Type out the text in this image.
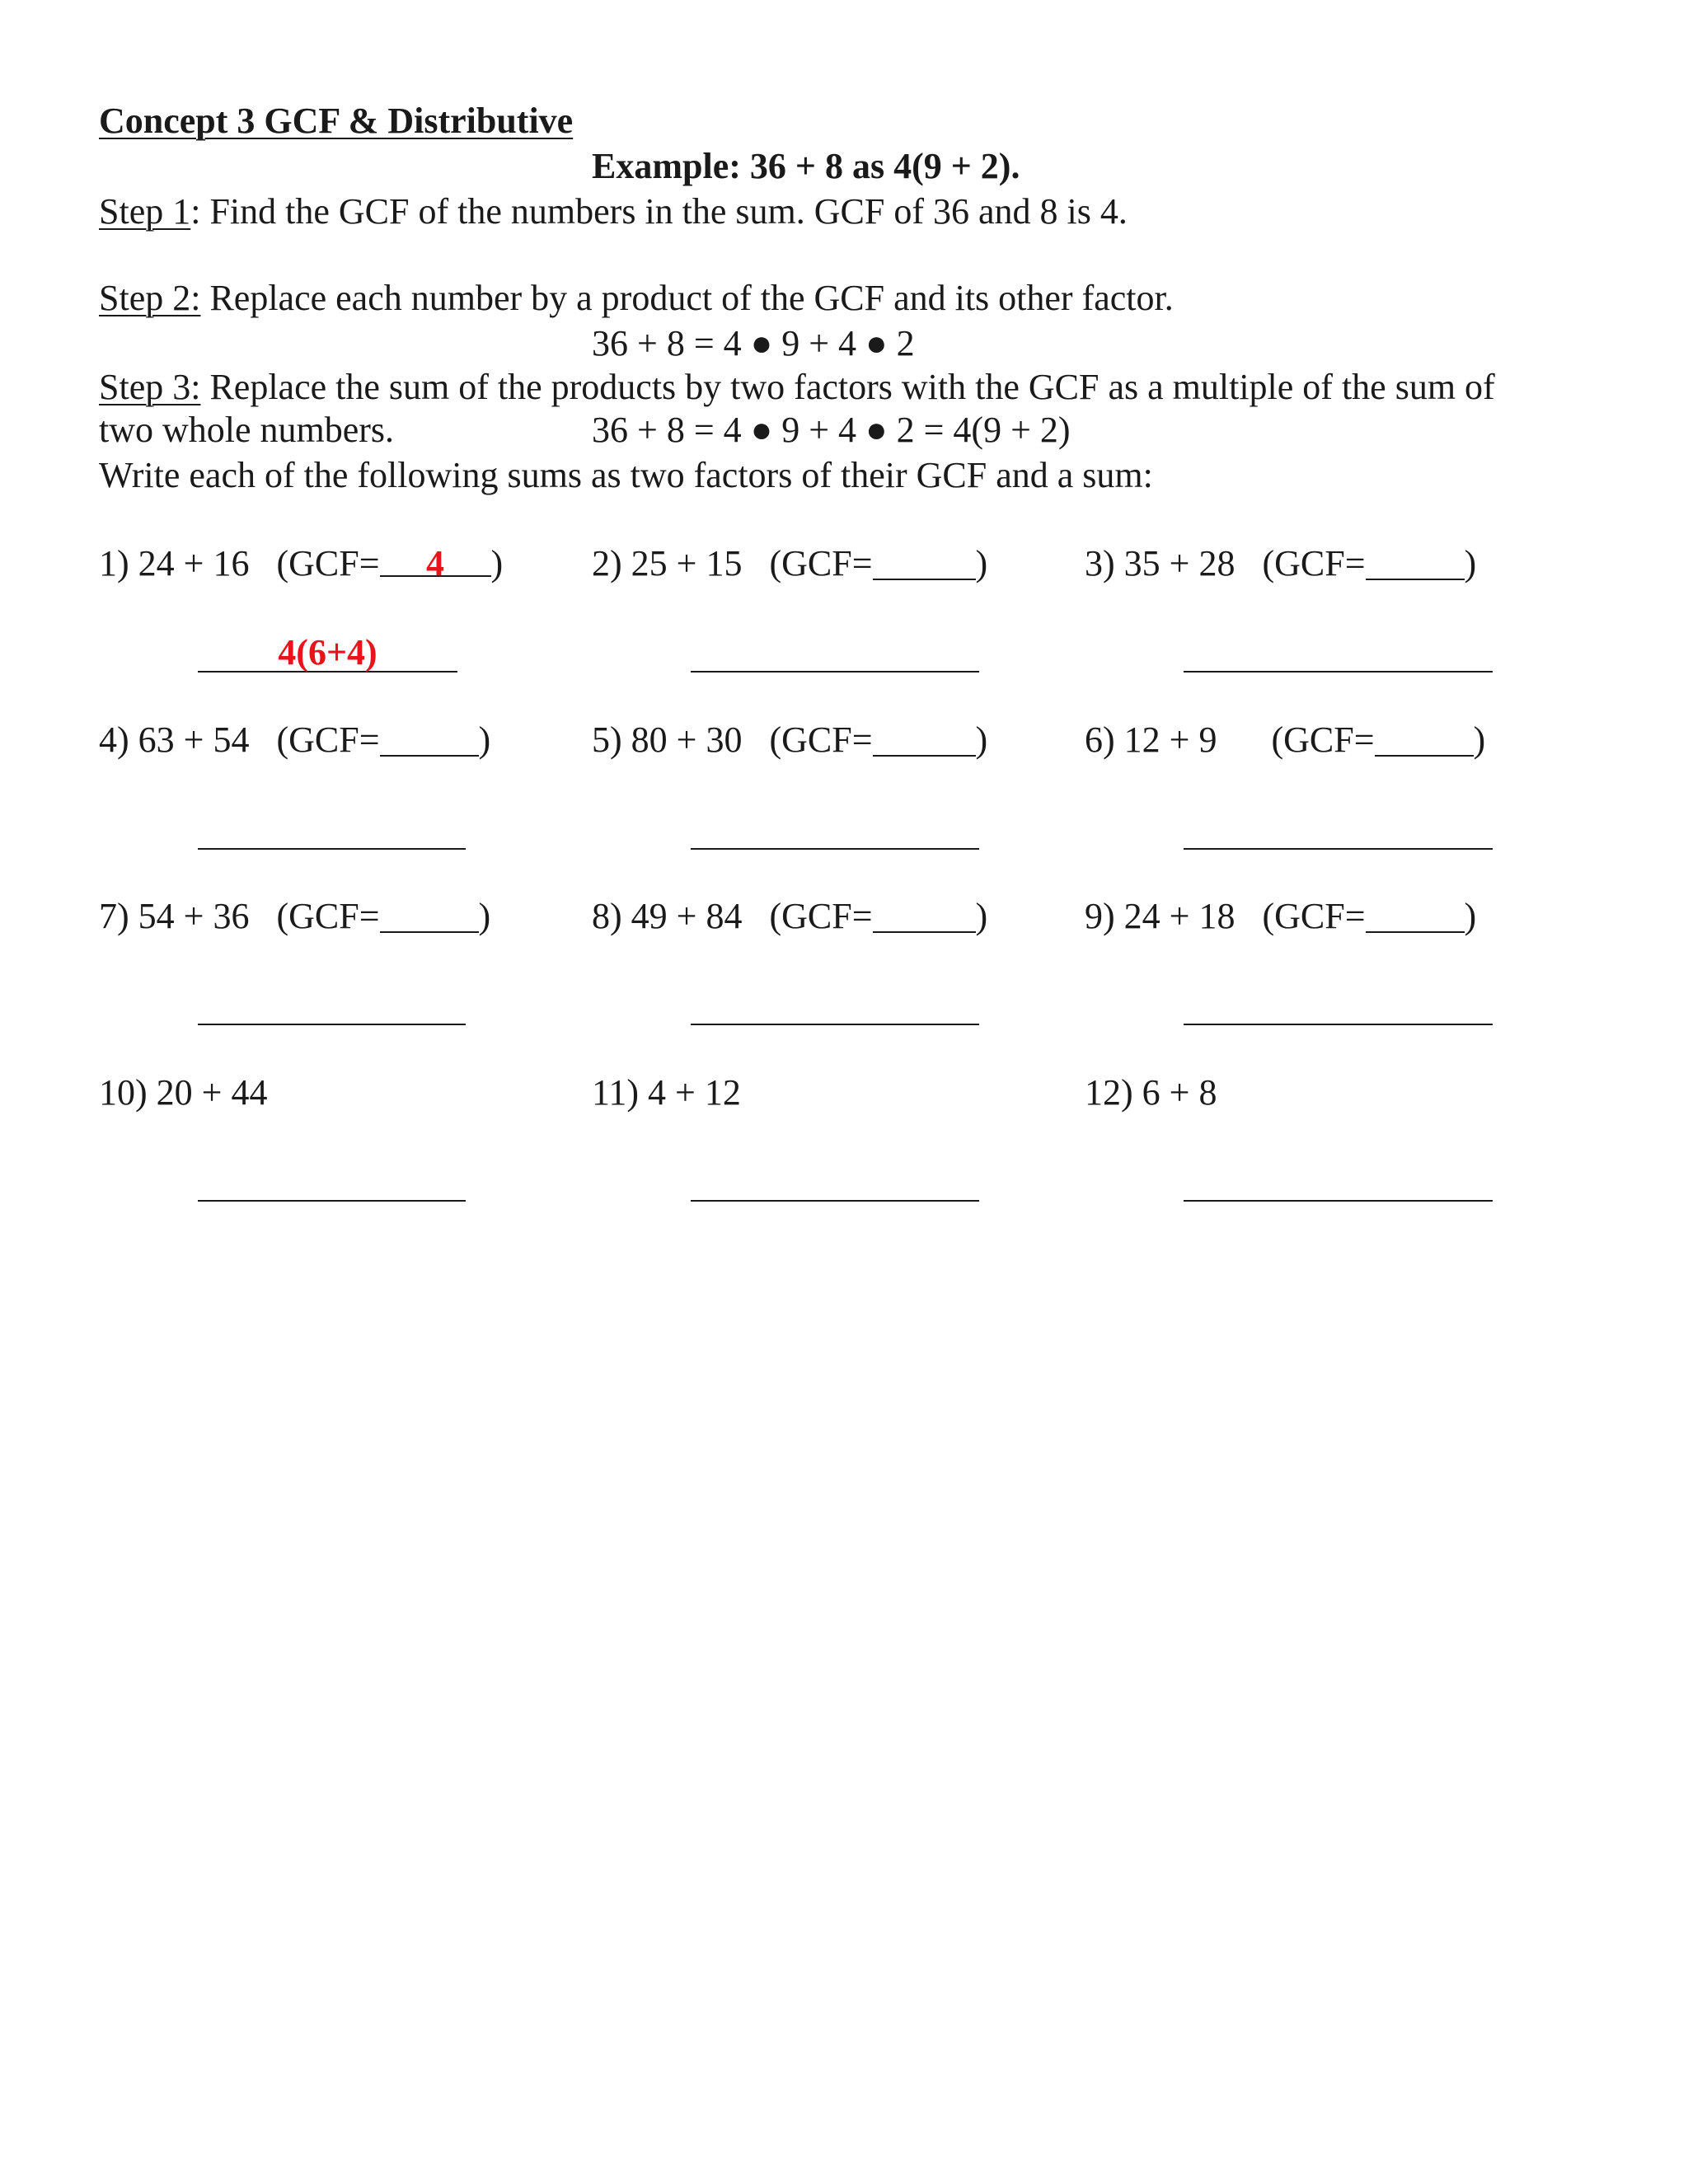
Concept 3 GCF & Distributive
Example: 36 + 8 as 4(9 + 2).
Step 1: Find the GCF of the numbers in the sum. GCF of 36 and 8 is 4.
Step 2: Replace each number by a product of the GCF and its other factor.
36 + 8 = 4 ● 9 + 4 ● 2
Step 3: Replace the sum of the products by two factors with the GCF as a multiple of the sum of
two whole numbers.	36 + 8 = 4 ● 9 + 4 ● 2 = 4(9 + 2)
Write each of the following sums as two factors of their GCF and a sum:
1) 24 + 16 (GCF= 4 ) 2) 25 + 15 (GCF=	)	3) 35 + 28 (GCF=	)
4(6+4)
4) 63 + 54 (GCF=	)	5) 80 + 30 (GCF=	)	6) 12 + 9 (GCF=	)
7) 54 + 36 (GCF=	)	8) 49 + 84 (GCF=	)	9) 24 + 18 (GCF=	)
10) 20 + 44	11) 4 + 12	12) 6 + 8
